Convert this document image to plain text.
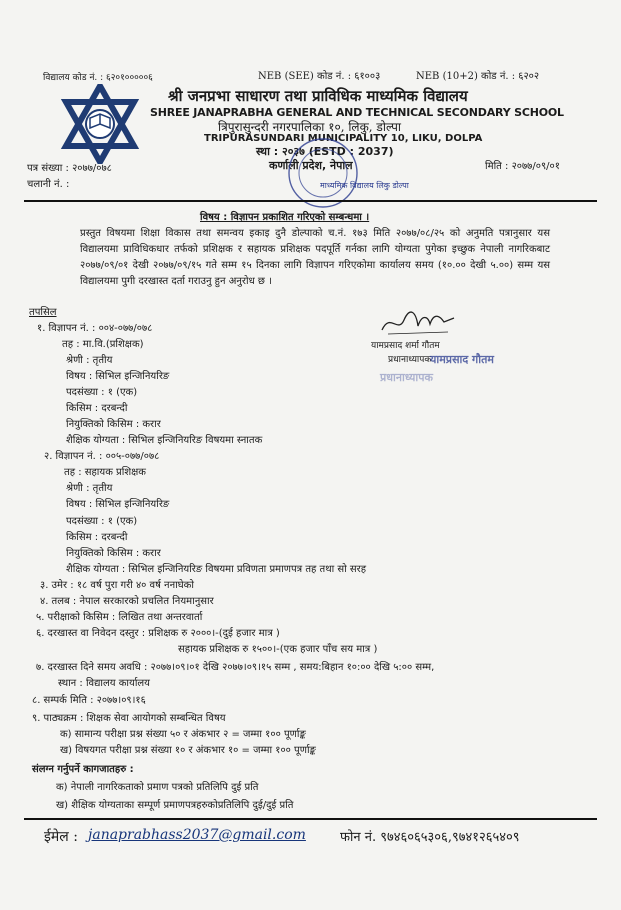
विद्यालय कोड नं. : ६२०१०००००६	NEB (SEE) कोड नं. : ६१००३	NEB (10+2) कोड नं. : ६२०२
श्री जनप्रभा साधारण तथा प्राविधिक माध्यमिक विद्यालय
SHREE JANAPRABHA GENERAL AND TECHNICAL SECONDARY SCHOOL
त्रिपुरासुन्दरी नगरपालिका १०, लिकु, डोल्पा
TRIPURASUNDARI MUNICIPALITY 10, LIKU, DOLPA
स्था : २०३७ (ESTD : 2037)
कर्णाली प्रदेश, नेपाल
माध्यमिक विद्यालय लिकु डोल्पा
पत्र संख्या : २०७७/०७८
चलानी नं. :
मिति : २०७७/०९/०१
विषय : विज्ञापन प्रकाशित गरिएको सम्बन्धमा ।
प्रस्तुत विषयमा शिक्षा विकास तथा समन्वय इकाइ दुनै डोल्पाको च.नं. १७३ मिति २०७७/०८/२५ को अनुमति पत्रानुसार यस विद्यालयमा प्राविधिकधार तर्फको प्रशिक्षक र सहायक प्रशिक्षक पदपूर्ति गर्नका लागि योग्यता पुगेका इच्छुक नेपाली नागरिकबाट २०७७/०९/०१ देखी २०७७/०९/१५ गते सम्म १५ दिनका लागि विज्ञापन गरिएकोमा कार्यालय समय (१०.०० देखी ५.००) सम्म यस विद्यालयमा पुगी दरखास्त दर्ता गराउनु हुन अनुरोध छ ।
तपसिल
१. विज्ञापन नं. : ००४-०७७/०७८
तह : मा.वि.(प्रशिक्षक)
श्रेणी : तृतीय
विषय : सिभिल इन्जिनियरिङ
पदसंख्या : १ (एक)
किसिम : दरबन्दी
नियुक्तिको किसिम : करार
शैक्षिक योग्यता : सिभिल इन्जिनियरिङ विषयमा स्नातक
यामप्रसाद शर्मा गौतम
प्रधानाध्यापक
यामप्रसाद गौतम
प्रधानाध्यापक
२. विज्ञापन नं. : ००५-०७७/०७८
तह : सहायक प्रशिक्षक
श्रेणी : तृतीय
विषय : सिभिल इन्जिनियरिङ
पदसंख्या : १ (एक)
किसिम : दरबन्दी
नियुक्तिको किसिम : करार
शैक्षिक योग्यता : सिभिल इन्जिनियरिङ विषयमा प्रविणता प्रमाणपत्र तह तथा सो सरह
३. उमेर : १८ वर्ष पुरा गरी ४० वर्ष ननाघेको
४. तलब : नेपाल सरकारको प्रचलित नियमानुसार
५. परीक्षाको किसिम : लिखित तथा अन्तरवार्ता
६. दरखास्त वा निवेदन दस्तुर : प्रशिक्षक रु २०००।-(दुई हजार मात्र )
सहायक प्रशिक्षक रु १५००।-(एक हजार पाँच सय मात्र )
७. दरखास्त दिने समय अवधि : २०७७।०९।०१ देखि २०७७।०९।१५ सम्म , समय:बिहान १०:०० देखि ५:०० सम्म,
स्थान : विद्यालय कार्यालय
८. सम्पर्क मिति : २०७७।०९।१६
९. पाठ्यक्रम : शिक्षक सेवा आयोगको सम्बन्धित विषय
क) सामान्य परीक्षा प्रश्न संख्या ५० र अंकभार २ = जम्मा १०० पूर्णाङ्क
ख) विषयगत परीक्षा प्रश्न संख्या १० र अंकभार १० = जम्मा १०० पूर्णाङ्क
संलग्न गर्नुपर्ने कागजातहरु :
क) नेपाली नागरिकताको प्रमाण पत्रको प्रतिलिपि दुई प्रति
ख) शैक्षिक योग्यताका सम्पूर्ण प्रमाणपत्रहरुकोप्रतिलिपि दुई/दुई प्रति
ईमेल : janaprabhass2037@gmail.com	फोन नं. ९७४६०६५३०६,९७४१२६५४०९
